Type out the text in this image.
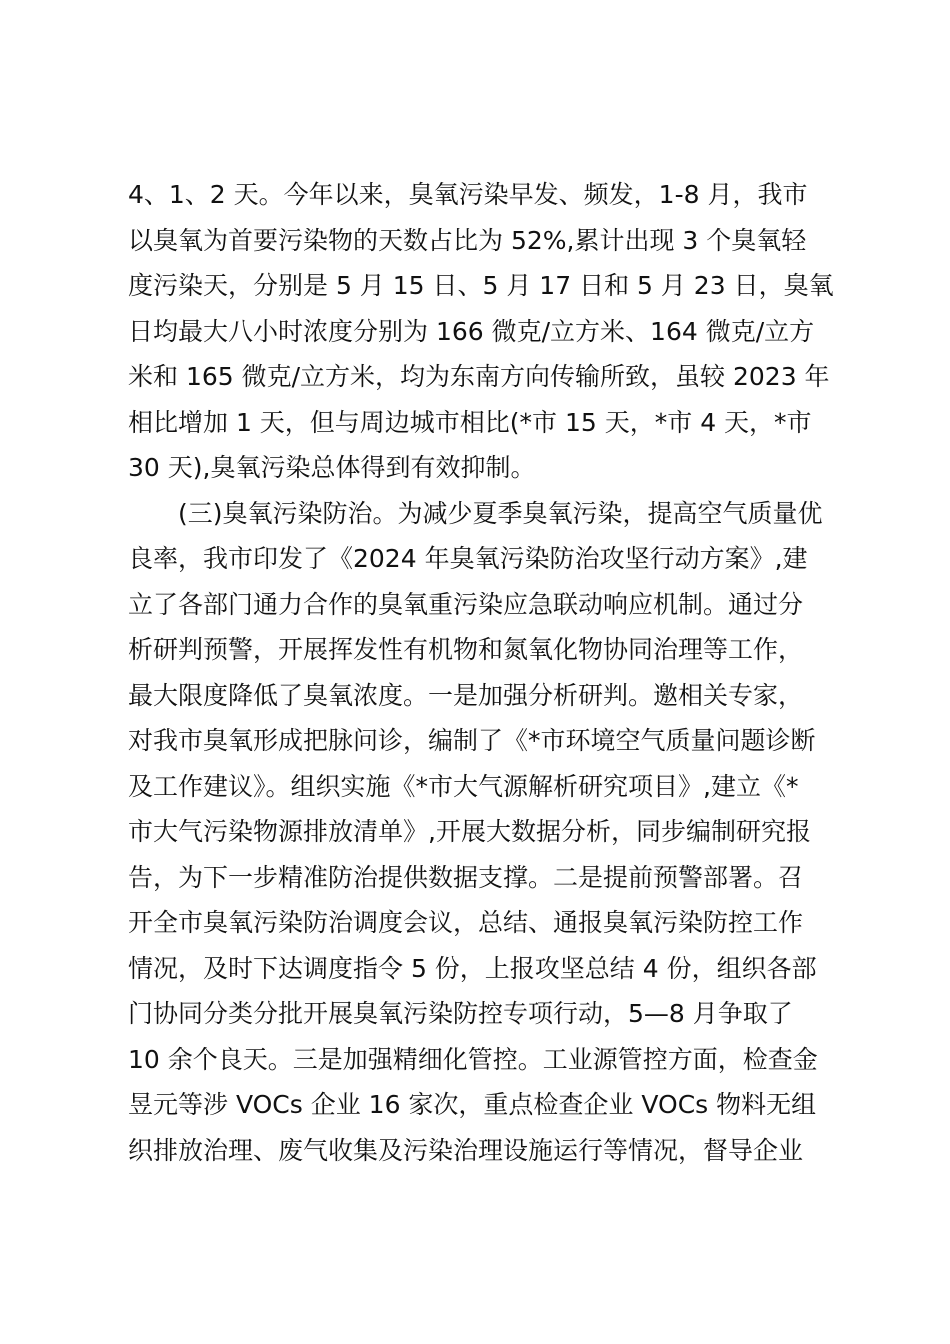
4、1、2 天。今年以来，臭氧污染早发、频发，1-8 月，我市
以臭氧为首要污染物的天数占比为 52%,累计出现 3 个臭氧轻
度污染天，分别是 5 月 15 日、5 月 17 日和 5 月 23 日，臭氧
日均最大八小时浓度分别为 166 微克/立方米、164 微克/立方
米和 165 微克/立方米，均为东南方向传输所致，虽较 2023 年
相比增加 1 天，但与周边城市相比(*市 15 天，*市 4 天，*市
30 天),臭氧污染总体得到有效抑制。
　　(三)臭氧污染防治。为减少夏季臭氧污染，提高空气质量优
良率，我市印发了《2024 年臭氧污染防治攻坚行动方案》,建
立了各部门通力合作的臭氧重污染应急联动响应机制。通过分
析研判预警，开展挥发性有机物和氮氧化物协同治理等工作，
最大限度降低了臭氧浓度。一是加强分析研判。邀相关专家，
对我市臭氧形成把脉问诊，编制了《*市环境空气质量问题诊断
及工作建议》。组织实施《*市大气源解析研究项目》,建立《*
市大气污染物源排放清单》,开展大数据分析，同步编制研究报
告，为下一步精准防治提供数据支撑。二是提前预警部署。召
开全市臭氧污染防治调度会议，总结、通报臭氧污染防控工作
情况，及时下达调度指令 5 份，上报攻坚总结 4 份，组织各部
门协同分类分批开展臭氧污染防控专项行动，5—8 月争取了
10 余个良天。三是加强精细化管控。工业源管控方面，检查金
昱元等涉 VOCs 企业 16 家次，重点检查企业 VOCs 物料无组
织排放治理、废气收集及污染治理设施运行等情况，督导企业
